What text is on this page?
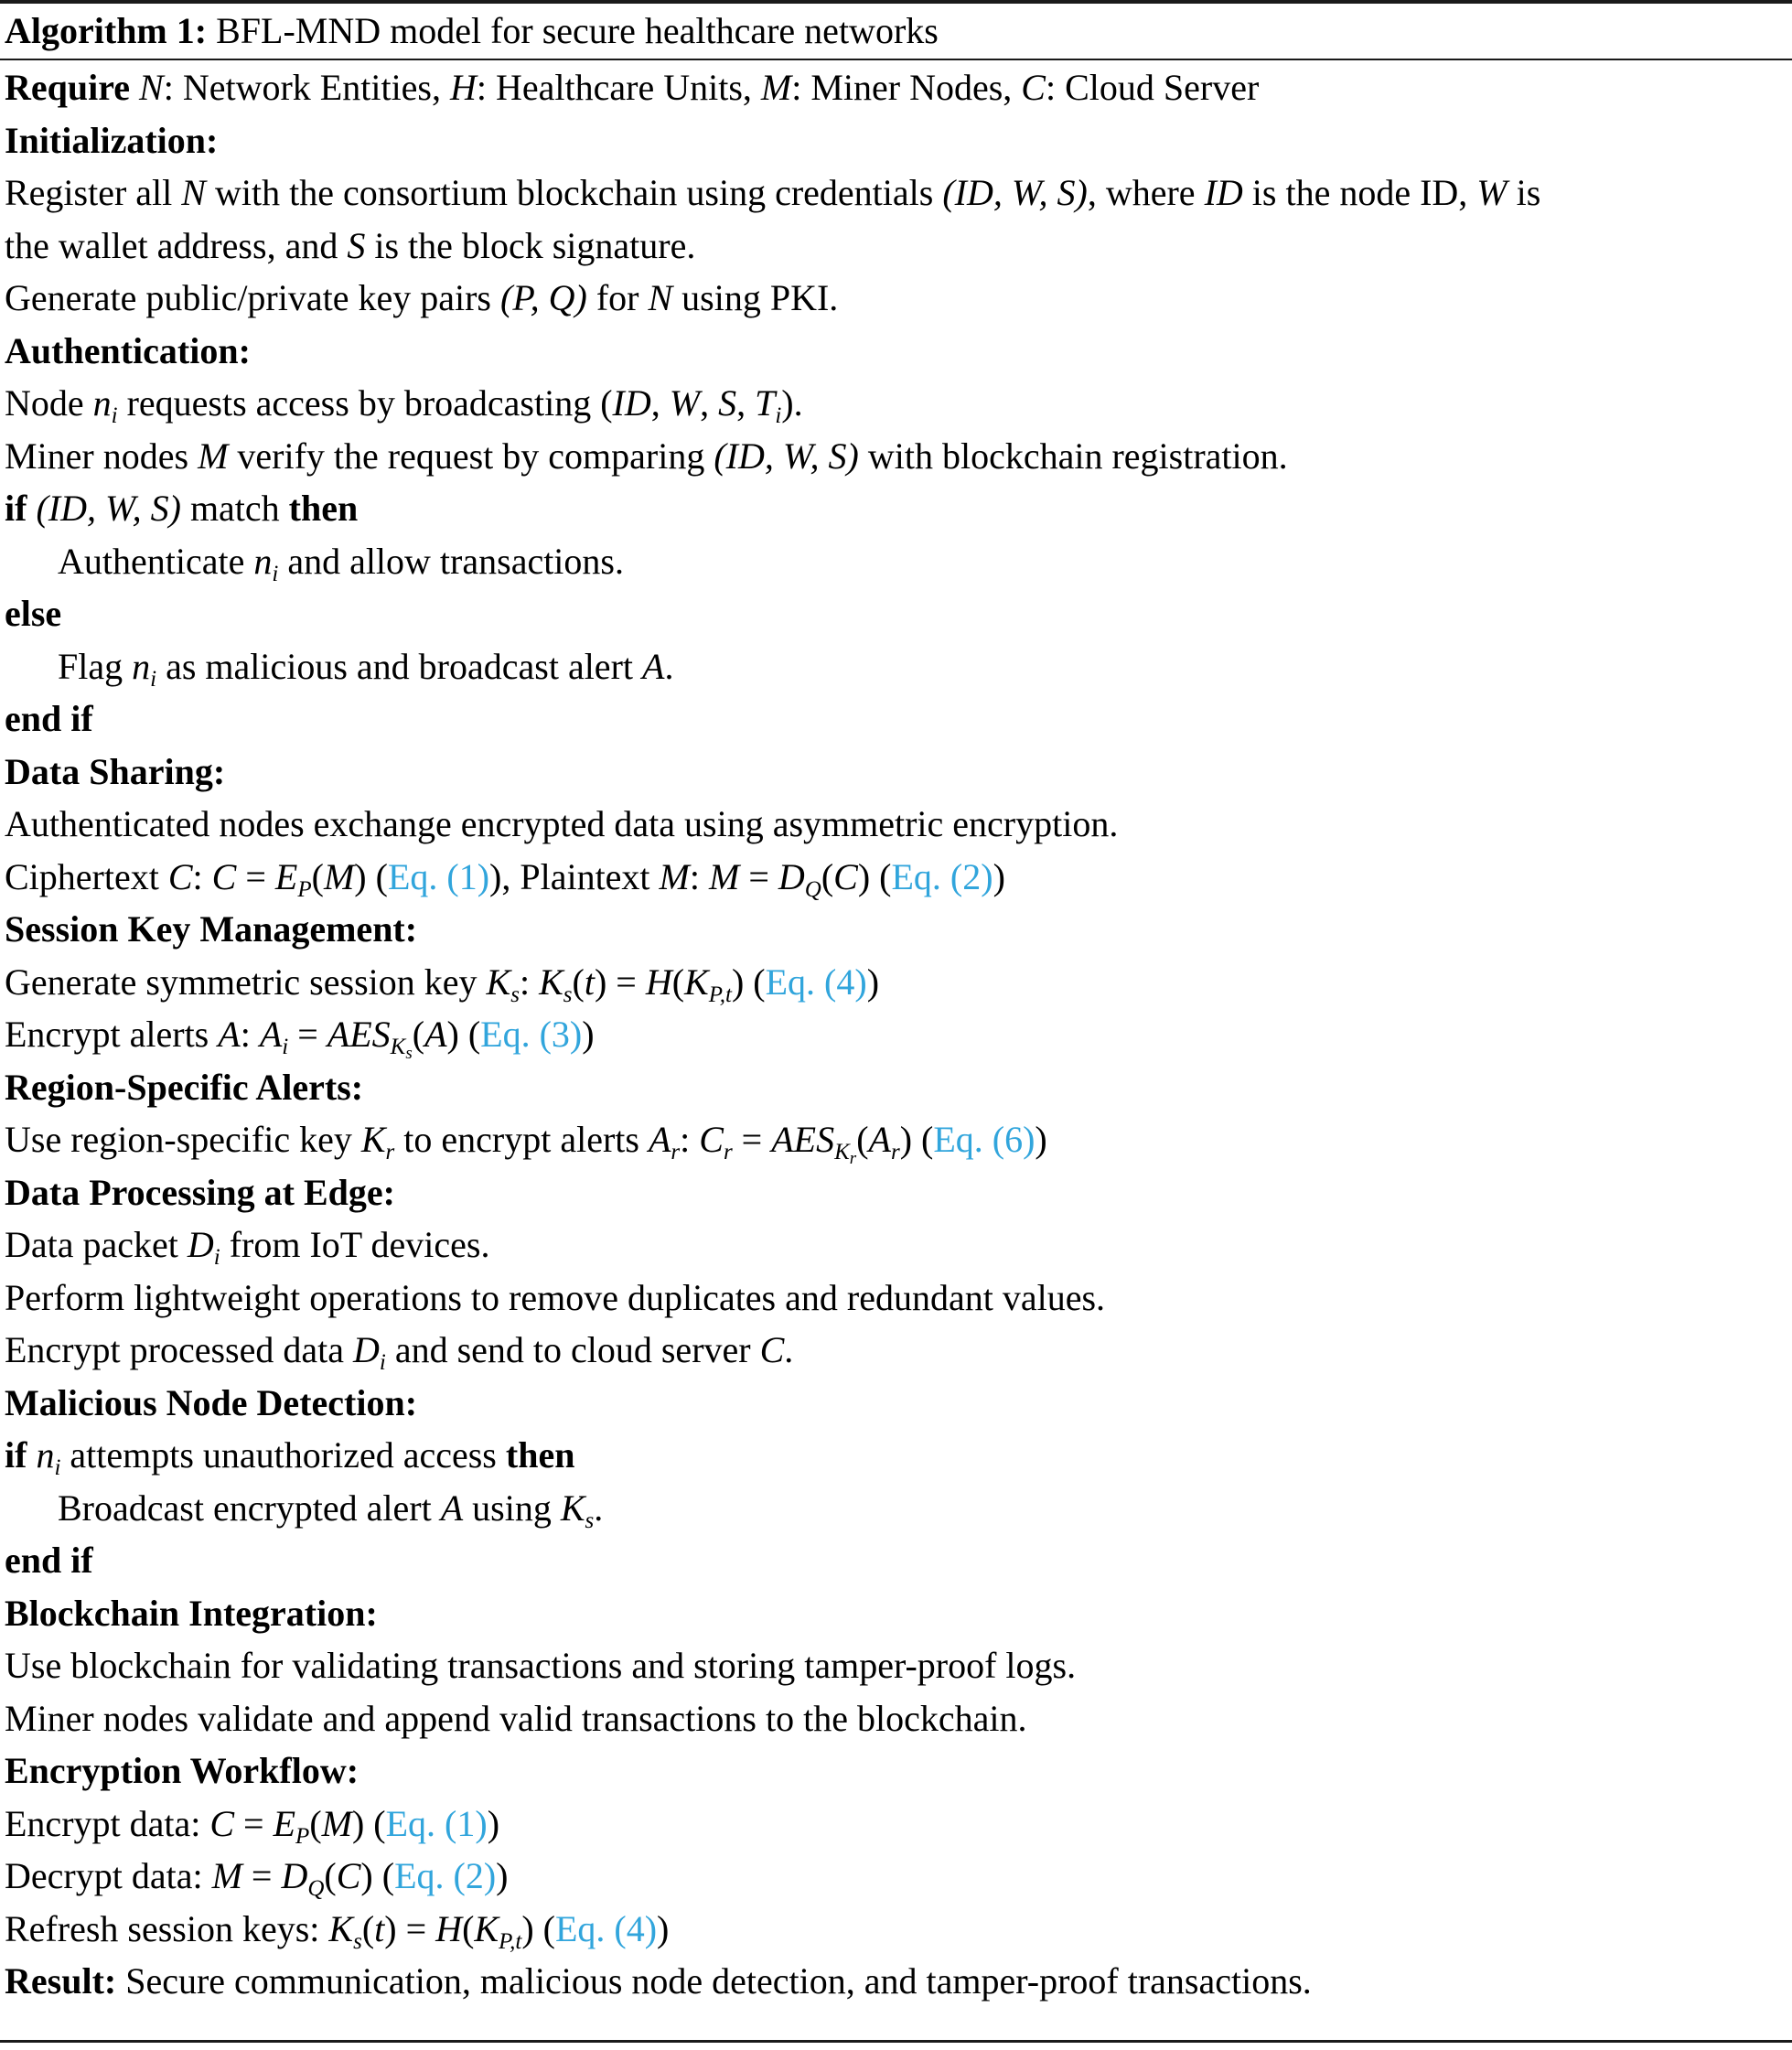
Algorithm 1: BFL-MND model for secure healthcare networks
Require N: Network Entities, H: Healthcare Units, M: Miner Nodes, C: Cloud Server
Initialization:
Register all N with the consortium blockchain using credentials (ID, W, S), where ID is the node ID, W is
the wallet address, and S is the block signature.
Generate public/private key pairs (P, Q) for N using PKI.
Authentication:
Node $n_i$ requests access by broadcasting (ID, W, S, $T_i$).
Miner nodes M verify the request by comparing (ID, W, S) with blockchain registration.
if (ID, W, S) match then
Authenticate $n_i$ and allow transactions.
else
Flag $n_i$ as malicious and broadcast alert A.
end if
Data Sharing:
Authenticated nodes exchange encrypted data using asymmetric encryption.
Ciphertext C: $C = E_P(M)$ (Eq. (1)), Plaintext M: $M = D_Q(C)$ (Eq. (2))
Session Key Management:
Generate symmetric session key $K_s$: $K_s(t) = H(K_{P,t})$ (Eq. (4))
Encrypt alerts A: $A_i = AES_{Ks}(A)$ (Eq. (3))
Region-Specific Alerts:
Use region-specific key $K_r$ to encrypt alerts $A_r$: $C_r = AES_{Kr}(A_r)$ (Eq. (6))
Data Processing at Edge:
Data packet $D_i$ from IoT devices.
Perform lightweight operations to remove duplicates and redundant values.
Encrypt processed data $D_i$ and send to cloud server C.
Malicious Node Detection:
if $n_i$ attempts unauthorized access then
Broadcast encrypted alert A using $K_s$.
end if
Blockchain Integration:
Use blockchain for validating transactions and storing tamper-proof logs.
Miner nodes validate and append valid transactions to the blockchain.
Encryption Workflow:
Encrypt data: $C = E_P(M)$ (Eq. (1))
Decrypt data: $M = D_Q(C)$ (Eq. (2))
Refresh session keys: $K_s(t) = H(K_{P,t})$ (Eq. (4))
Result: Secure communication, malicious node detection, and tamper-proof transactions.
